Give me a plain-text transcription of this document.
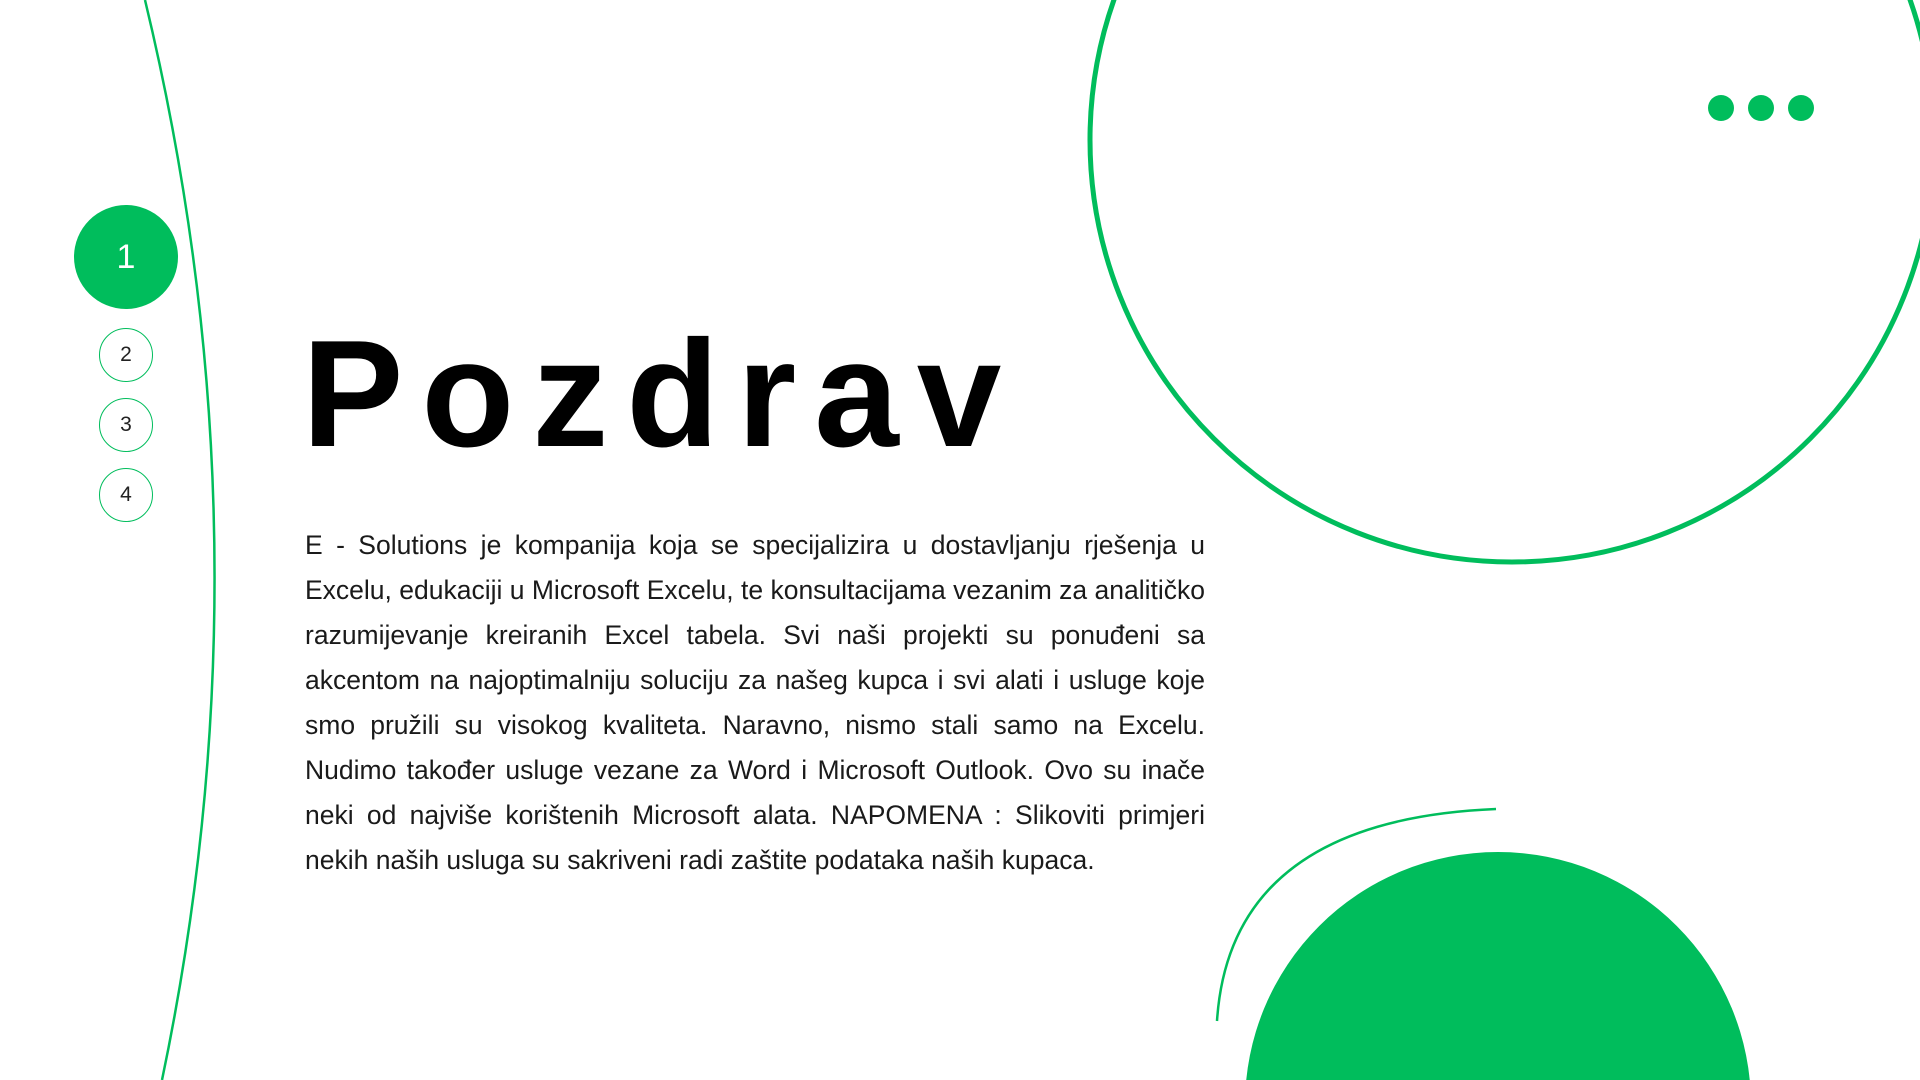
1
2
3
4
Pozdrav

E - Solutions je kompanija koja se specijalizira u dostavljanju rješenja u Excelu, edukaciji u Microsoft Excelu, te konsultacijama vezanim za analitičko razumijevanje kreiranih Excel tabela. Svi naši projekti su ponuđeni sa akcentom na najoptimalniju soluciju za našeg kupca i svi alati i usluge koje smo pružili su visokog kvaliteta. Naravno, nismo stali samo na Excelu. Nudimo također usluge vezane za Word i Microsoft Outlook. Ovo su inače neki od najviše korištenih Microsoft alata. NAPOMENA : Slikoviti primjeri nekih naših usluga su sakriveni radi zaštite podataka naših kupaca.
